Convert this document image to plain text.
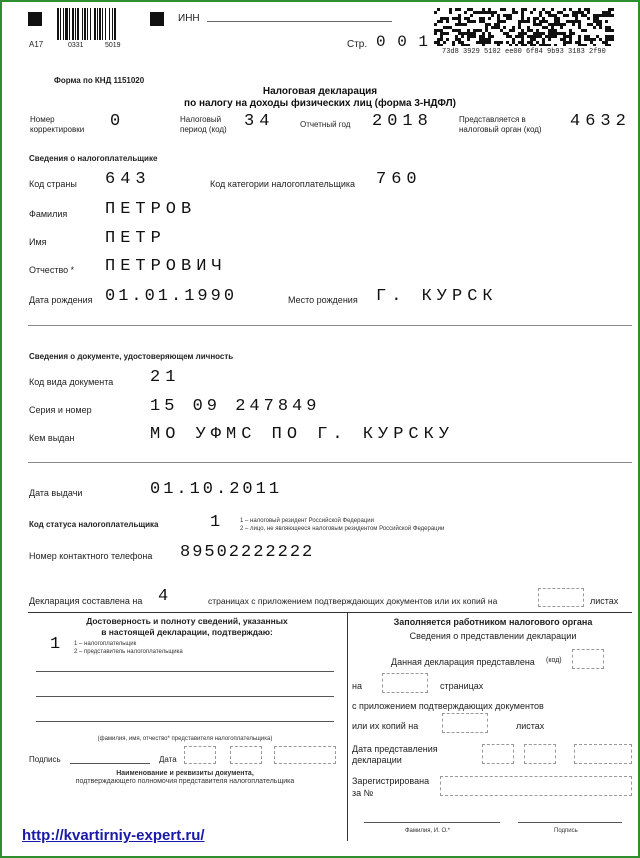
А17	0331	5019
ИНН
Стр. 0 0 1
73d8 3929 5102 ee00 6f84 9b93 3183 2f90
Форма по КНД 1151020
Налоговая декларация
по налогу на доходы физических лиц (форма 3-НДФЛ)
Номер корректировки	0	Налоговый период (код)	34	Отчетный год 2018	Представляется в налоговый орган (код)	4632
Сведения о налогоплательщике
Код страны 643	Код категории налогоплательщика 760
Фамилия ПЕТРОВ
Имя	ПЕТР
Отчество * ПЕТРОВИЧ
Дата рождения 01.01.1990	Место рождения Г. КУРСК
Сведения о документе, удостоверяющем личность
Код вида документа 21
Серия и номер	15 09 247849
Кем выдан	МО УФМС ПО Г. КУРСКУ
Дата выдачи	01.10.2011
Код статуса налогоплательщика	1 1 – налоговый резидент Российской Федерации
2 – лицо, не являющееся налоговым резидентом Российской Федерации
Номер контактного телефона 89502222222
Декларация составлена на 4	страницах с приложением подтверждающих документов или их копий на	листах
Достоверность и полноту сведений, указанных
в настоящей декларации, подтверждаю:
1 1 – налогоплательщик
2 – представитель налогоплательщика
(фамилия, имя, отчество* представителя налогоплательщика)
Подпись	Дата
Наименование и реквизиты документа,
подтверждающего полномочия представителя налогоплательщика
Заполняется работником налогового органа
Сведения о представлении декларации
Данная декларация представлена (код)
на	страницах
с приложением подтверждающих документов
или их копий на	листах
Дата представления
декларации
Зарегистрирована
за №
Фамилия, И. О.*	Подпись
http://kvartirniy-expert.ru/
